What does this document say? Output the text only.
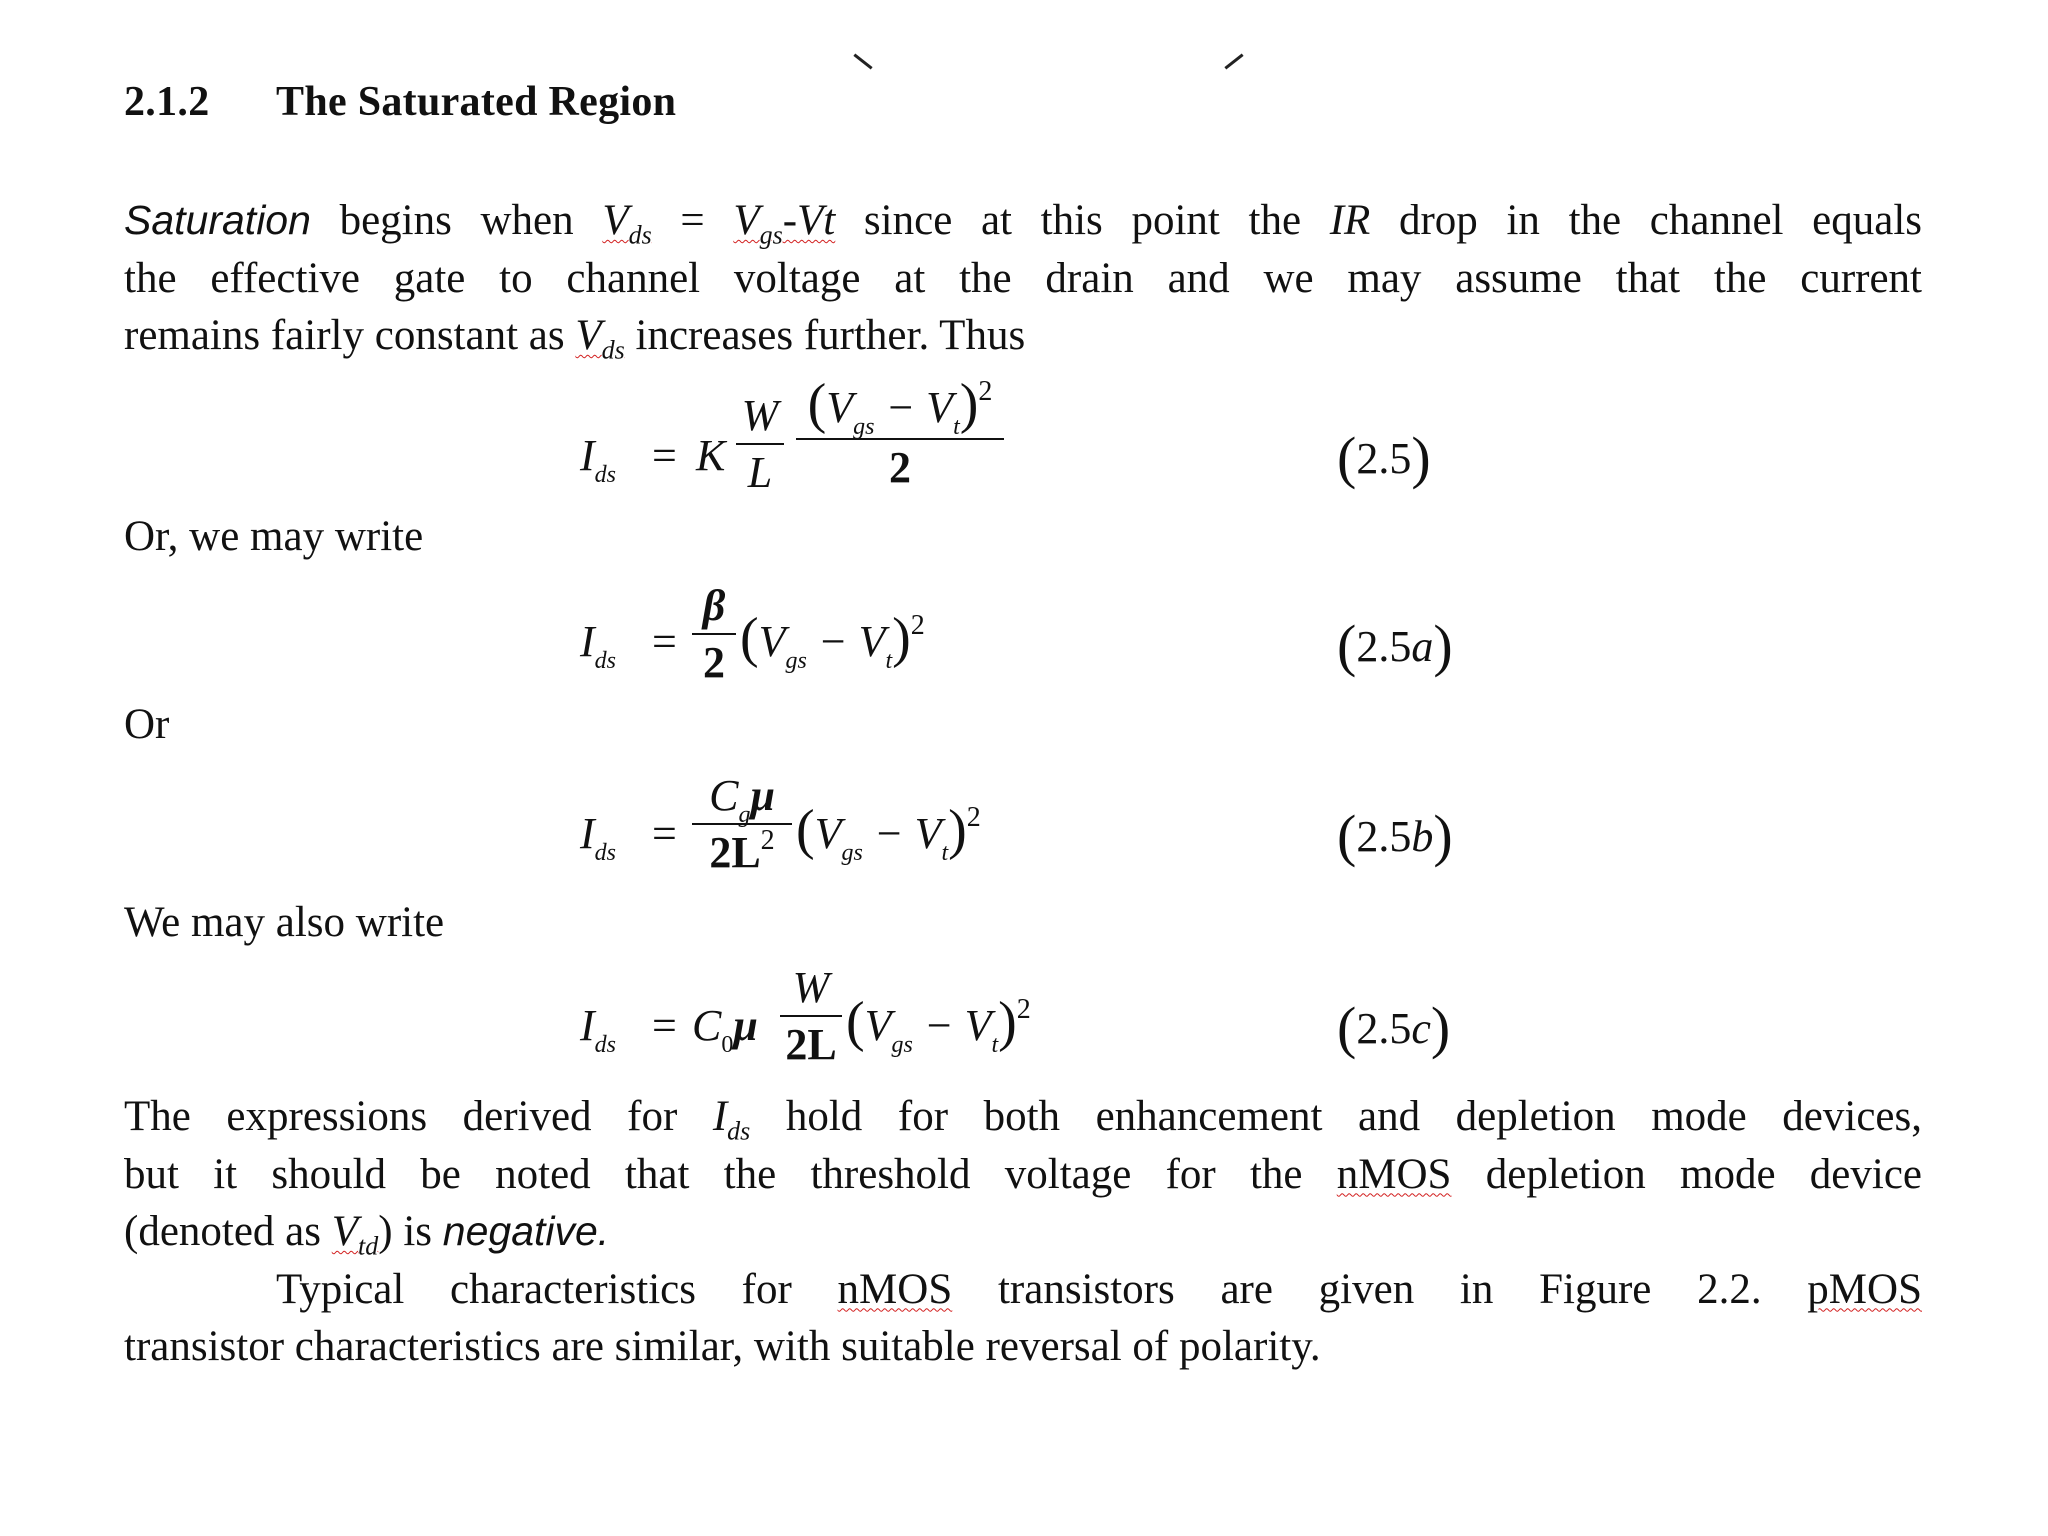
2.1.2 The Saturated Region
Saturation begins when $V_{ds} = V_{gs}-Vt$ since at this point the IR drop in the channel equals
the effective gate to channel voltage at the drain and we may assume that the current
remains fairly constant as $V_{ds}$ increases further. Thus
$I_{ds} = K$
W
L
$(V_{gs} - V_t)^2$
2	(2.5)
Or, we may write
$I_{ds}$ =
β
2 $(V_{gs} - V_t)^2$	(2.5a)
Or
$I_{ds}$ =
$C_g\mu$
$2L^2$ $(V_{gs} - V_t)^2$	(2.5b)
We may also write
$I_{ds} = C_0\mu$
W
2L $(V_{gs} - V_t)^2$	(2.5c)
The expressions derived for $I_{ds}$ hold for both enhancement and depletion mode devices,
but it should be noted that the threshold voltage for the nMOS depletion mode device
(denoted as $V_{td}$) is negative.
Typical characteristics for nMOS transistors are given in Figure 2.2. pMOS
transistor characteristics are similar, with suitable reversal of polarity.
